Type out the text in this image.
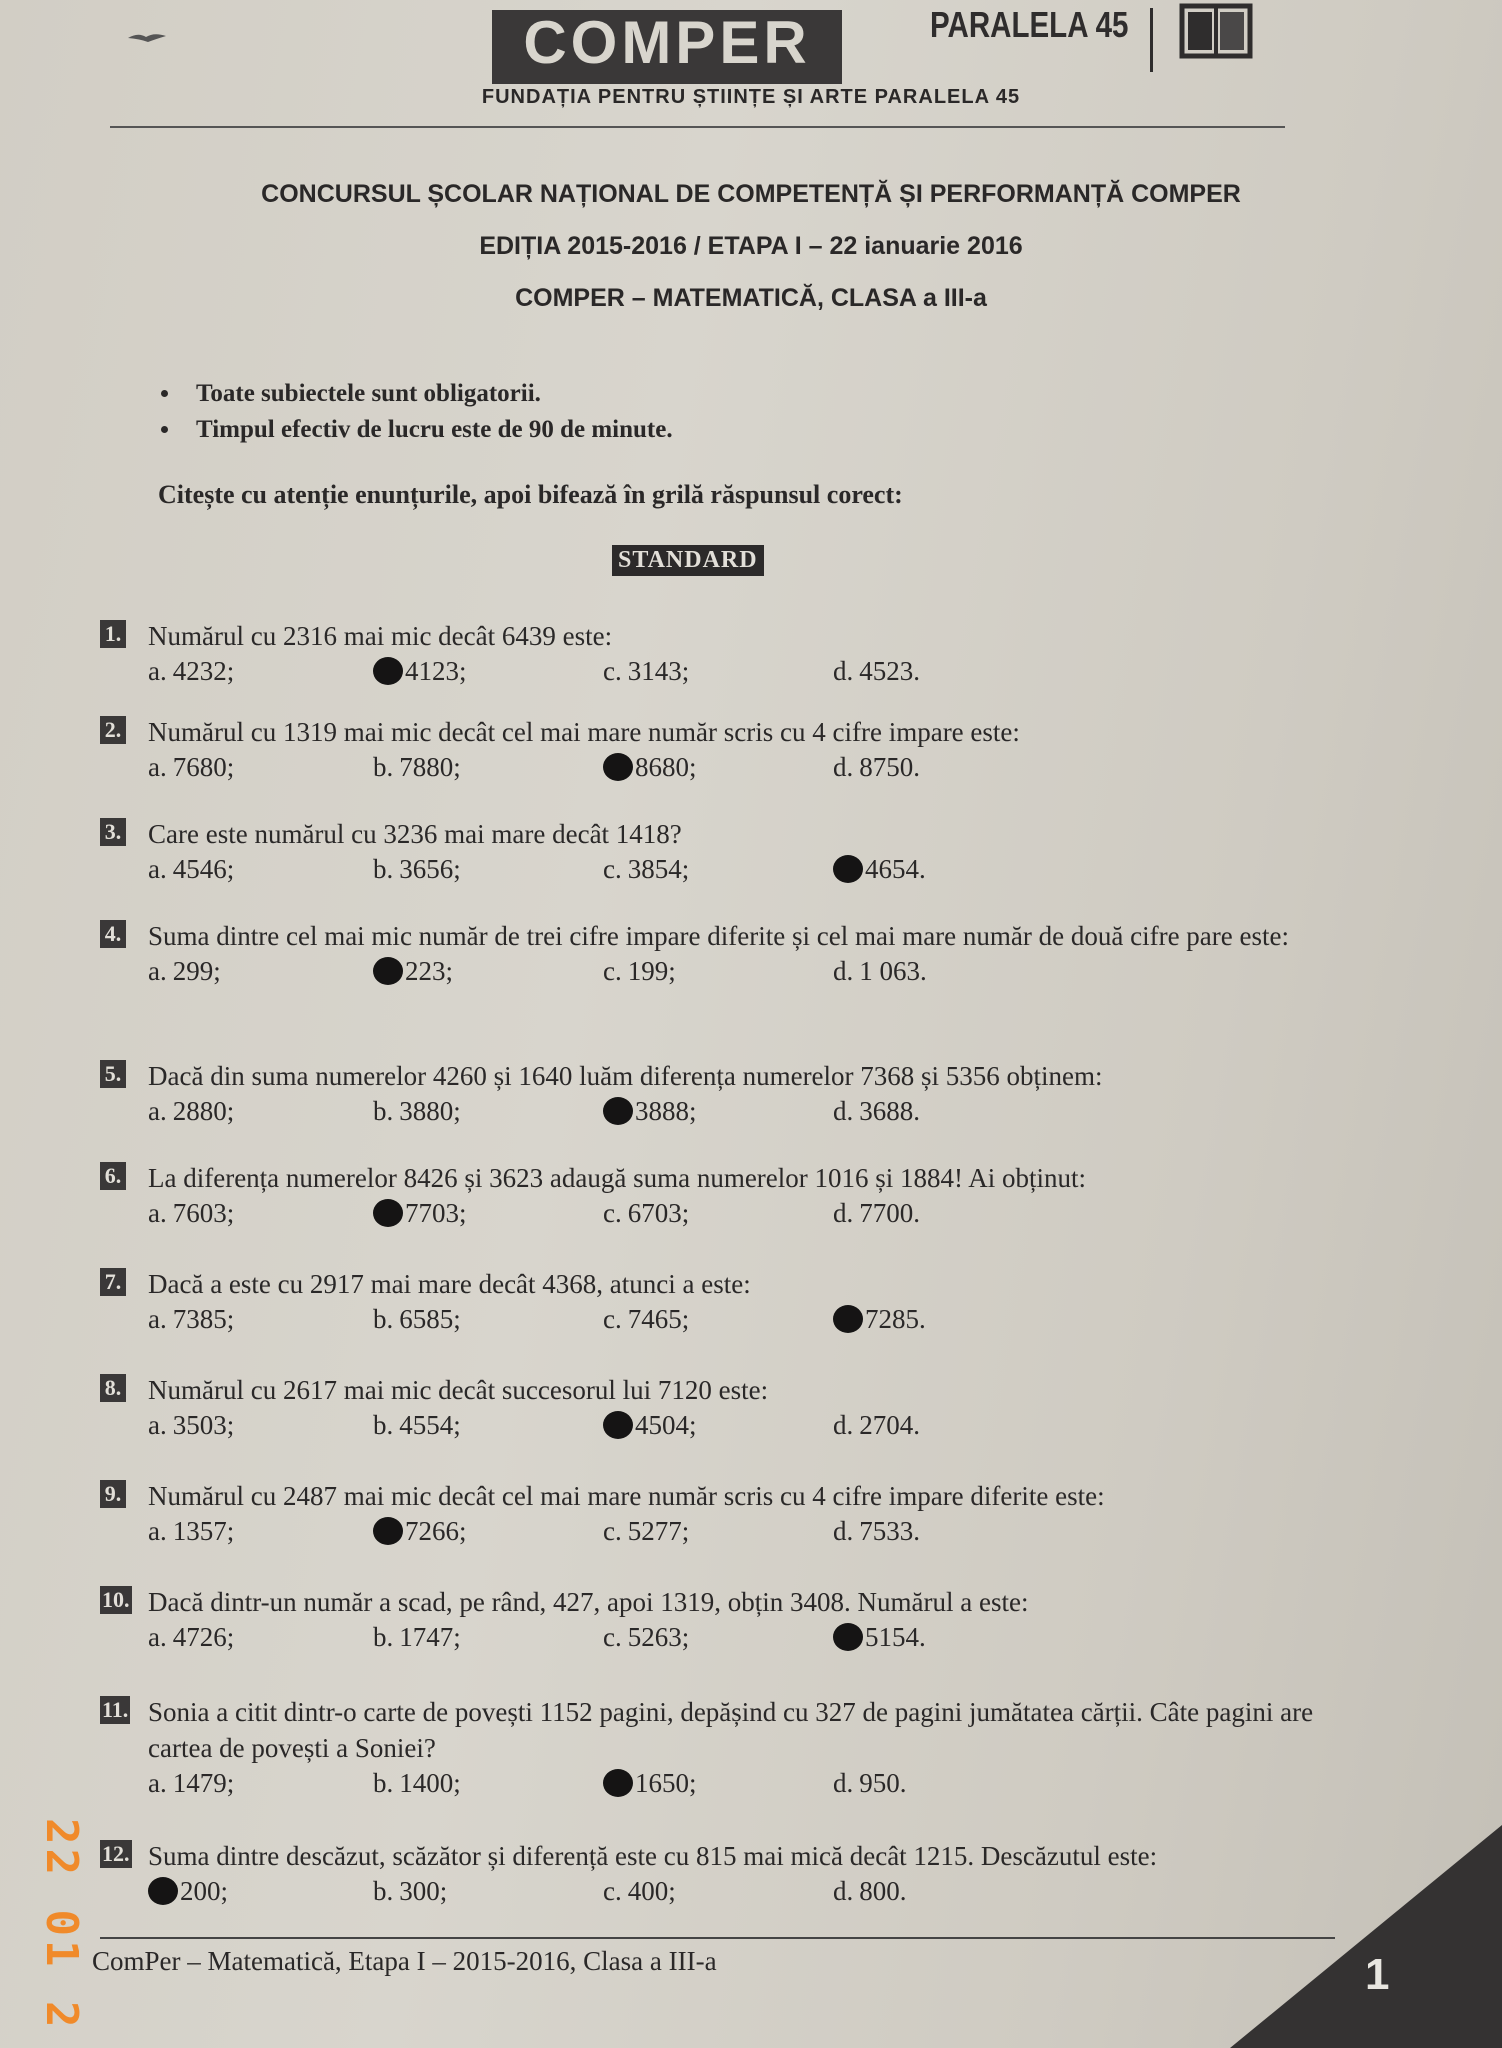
COMPER	PARALELA 45
FUNDAȚIA PENTRU ȘTIINȚE ȘI ARTE PARALELA 45
CONCURSUL ȘCOLAR NAȚIONAL DE COMPETENȚĂ ȘI PERFORMANȚĂ COMPER
EDIȚIA 2015-2016 / ETAPA I – 22 ianuarie 2016
COMPER – MATEMATICĂ, CLASA a III-a
• Toate subiectele sunt obligatorii.
• Timpul efectiv de lucru este de 90 de minute.
Citește cu atenție enunțurile, apoi bifează în grilă răspunsul corect:
STANDARD
1. Numărul cu 2316 mai mic decât 6439 este:
a. 4232;	4123;	c. 3143;	d. 4523.
2. Numărul cu 1319 mai mic decât cel mai mare număr scris cu 4 cifre impare este:
a. 7680;	b. 7880;	8680;	d. 8750.
3. Care este numărul cu 3236 mai mare decât 1418?
a. 4546;	b. 3656;	c. 3854;	4654.
4. Suma dintre cel mai mic număr de trei cifre impare diferite și cel mai mare număr de două cifre pare este:
a. 299;	223;	c. 199;	d. 1 063.
5. Dacă din suma numerelor 4260 și 1640 luăm diferența numerelor 7368 și 5356 obținem:
a. 2880;	b. 3880;	3888;	d. 3688.
6. La diferența numerelor 8426 și 3623 adaugă suma numerelor 1016 și 1884! Ai obținut:
a. 7603;	7703;	c. 6703;	d. 7700.
7. Dacă a este cu 2917 mai mare decât 4368, atunci a este:
a. 7385;	b. 6585;	c. 7465;	7285.
8. Numărul cu 2617 mai mic decât succesorul lui 7120 este:
a. 3503;	b. 4554;	4504;	d. 2704.
9. Numărul cu 2487 mai mic decât cel mai mare număr scris cu 4 cifre impare diferite este:
a. 1357;	7266;	c. 5277;	d. 7533.
10. Dacă dintr-un număr a scad, pe rând, 427, apoi 1319, obțin 3408. Numărul a este:
a. 4726;	b. 1747;	c. 5263;	5154.
11. Sonia a citit dintr-o carte de povești 1152 pagini, depășind cu 327 de pagini jumătatea cărții. Câte pagini are cartea de povești a Soniei?
a. 1479;	b. 1400;	1650;	d. 950.
12. Suma dintre descăzut, scăzător și diferență este cu 815 mai mică decât 1215. Descăzutul este:
200;	b. 300;	c. 400;	d. 800.
ComPer – Matematică, Etapa I – 2015-2016, Clasa a III-a	1
22 01 2
